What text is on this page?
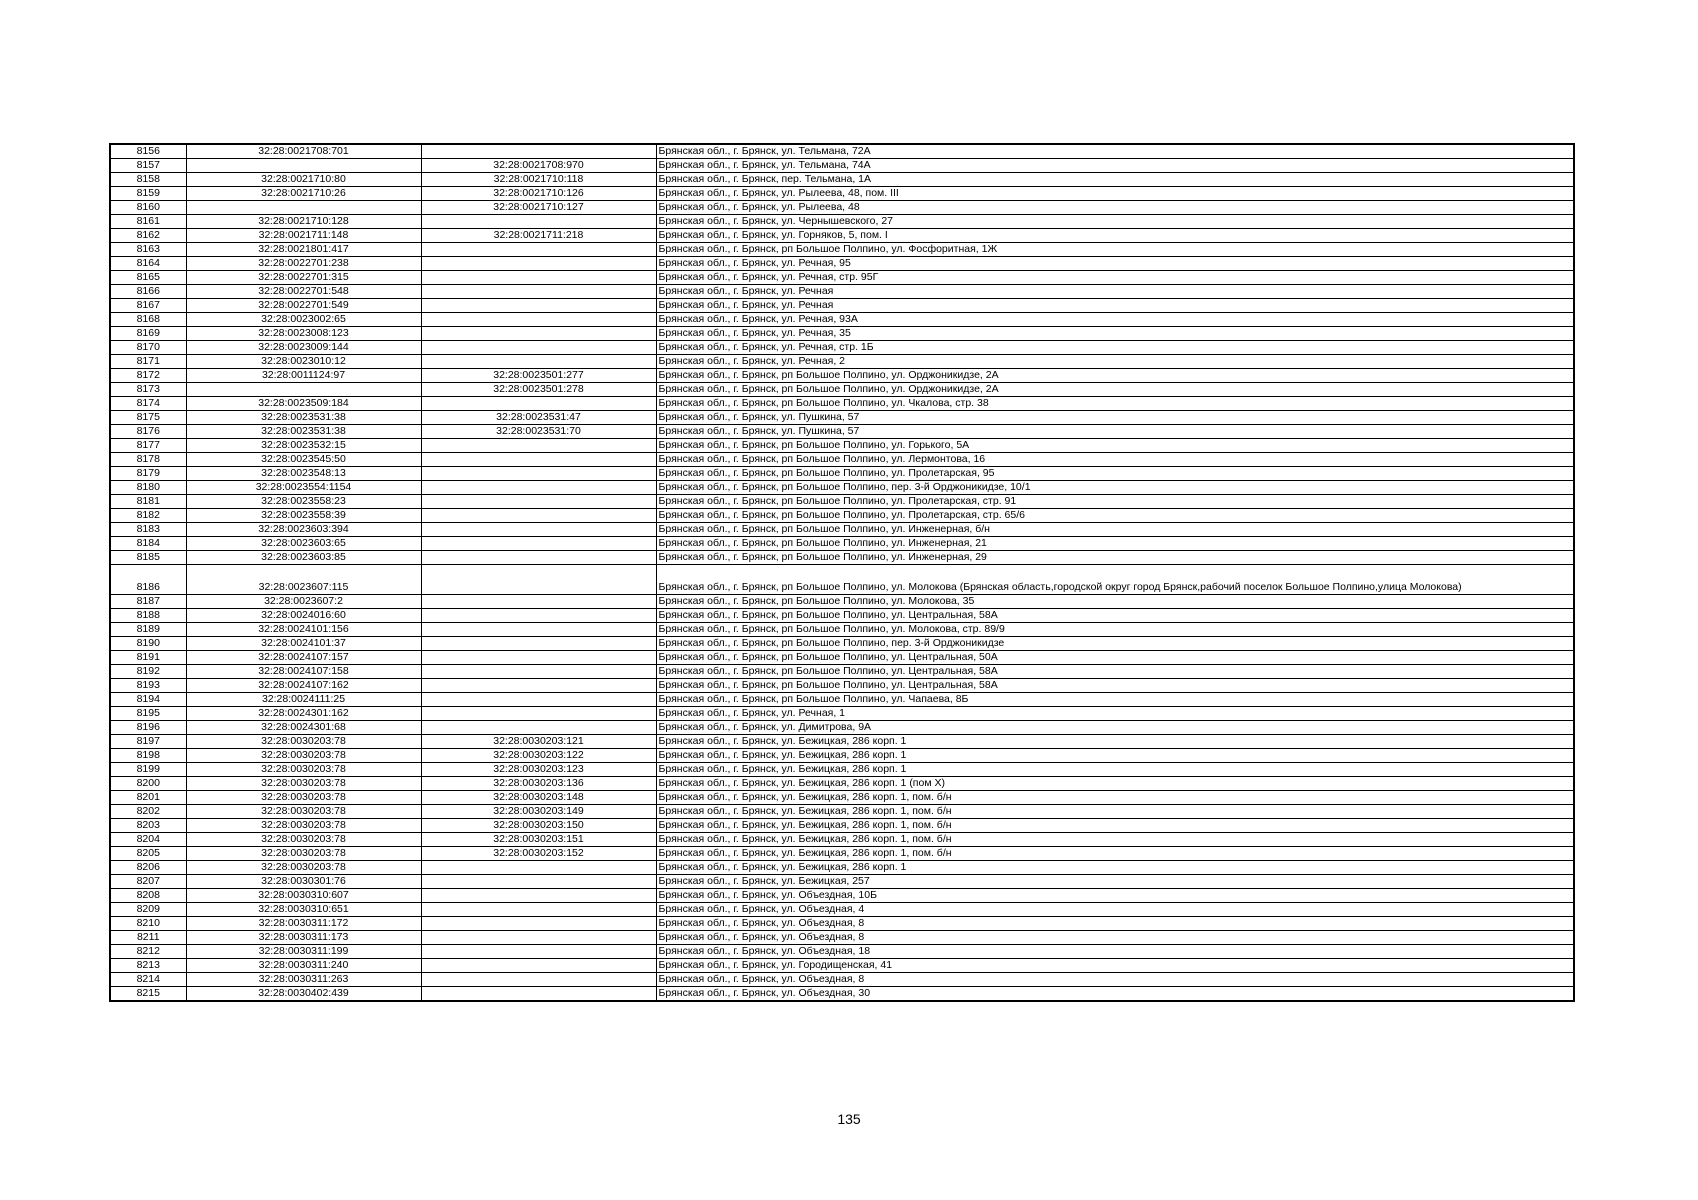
8156	32:28:0021708:701		Брянская обл., г. Брянск, ул. Тельмана, 72А
8157		32:28:0021708:970	Брянская обл., г. Брянск, ул. Тельмана, 74А
8158	32:28:0021710:80	32:28:0021710:118	Брянская обл., г. Брянск, пер. Тельмана, 1А
8159	32:28:0021710:26	32:28:0021710:126	Брянская обл., г. Брянск, ул. Рылеева, 48, пом. III
8160		32:28:0021710:127	Брянская обл., г. Брянск, ул. Рылеева, 48
8161	32:28:0021710:128		Брянская обл., г. Брянск, ул. Чернышевского, 27
8162	32:28:0021711:148	32:28:0021711:218	Брянская обл., г. Брянск, ул. Горняков, 5, пом. I
8163	32:28:0021801:417		Брянская обл., г. Брянск, рп Большое Полпино, ул. Фосфоритная, 1Ж
8164	32:28:0022701:238		Брянская обл., г. Брянск, ул. Речная, 95
8165	32:28:0022701:315		Брянская обл., г. Брянск, ул. Речная, стр. 95Г
8166	32:28:0022701:548		Брянская обл., г. Брянск, ул. Речная
8167	32:28:0022701:549		Брянская обл., г. Брянск, ул. Речная
8168	32:28:0023002:65		Брянская обл., г. Брянск, ул. Речная, 93А
8169	32:28:0023008:123		Брянская обл., г. Брянск, ул. Речная, 35
8170	32:28:0023009:144		Брянская обл., г. Брянск, ул. Речная, стр. 1Б
8171	32:28:0023010:12		Брянская обл., г. Брянск, ул. Речная, 2
8172	32:28:0011124:97	32:28:0023501:277	Брянская обл., г. Брянск, рп Большое Полпино, ул. Орджоникидзе, 2А
8173		32:28:0023501:278	Брянская обл., г. Брянск, рп Большое Полпино, ул. Орджоникидзе, 2А
8174	32:28:0023509:184		Брянская обл., г. Брянск, рп Большое Полпино, ул. Чкалова, стр. 38
8175	32:28:0023531:38	32:28:0023531:47	Брянская обл., г. Брянск, ул. Пушкина, 57
8176	32:28:0023531:38	32:28:0023531:70	Брянская обл., г. Брянск, ул. Пушкина, 57
8177	32:28:0023532:15		Брянская обл., г. Брянск, рп Большое Полпино, ул. Горького, 5А
8178	32:28:0023545:50		Брянская обл., г. Брянск, рп Большое Полпино, ул. Лермонтова, 16
8179	32:28:0023548:13		Брянская обл., г. Брянск, рп Большое Полпино, ул. Пролетарская, 95
8180	32:28:0023554:1154		Брянская обл., г. Брянск, рп Большое Полпино, пер. 3-й Орджоникидзе, 10/1
8181	32:28:0023558:23		Брянская обл., г. Брянск, рп Большое Полпино, ул. Пролетарская, стр. 91
8182	32:28:0023558:39		Брянская обл., г. Брянск, рп Большое Полпино, ул. Пролетарская, стр. 65/6
8183	32:28:0023603:394		Брянская обл., г. Брянск, рп Большое Полпино, ул. Инженерная, б/н
8184	32:28:0023603:65		Брянская обл., г. Брянск, рп Большое Полпино, ул. Инженерная, 21
8185	32:28:0023603:85		Брянская обл., г. Брянск, рп Большое Полпино, ул. Инженерная, 29
8186	32:28:0023607:115		Брянская обл., г. Брянск, рп Большое Полпино, ул. Молокова (Брянская область,городской округ город Брянск,рабочий поселок Большое Полпино,улица Молокова)
8187	32:28:0023607:2		Брянская обл., г. Брянск, рп Большое Полпино, ул. Молокова, 35
8188	32:28:0024016:60		Брянская обл., г. Брянск, рп Большое Полпино, ул. Центральная, 58А
8189	32:28:0024101:156		Брянская обл., г. Брянск, рп Большое Полпино, ул. Молокова, стр. 89/9
8190	32:28:0024101:37		Брянская обл., г. Брянск, рп Большое Полпино, пер. 3-й Орджоникидзе
8191	32:28:0024107:157		Брянская обл., г. Брянск, рп Большое Полпино, ул. Центральная, 50А
8192	32:28:0024107:158		Брянская обл., г. Брянск, рп Большое Полпино, ул. Центральная, 58А
8193	32:28:0024107:162		Брянская обл., г. Брянск, рп Большое Полпино, ул. Центральная, 58А
8194	32:28:0024111:25		Брянская обл., г. Брянск, рп Большое Полпино, ул. Чапаева, 8Б
8195	32:28:0024301:162		Брянская обл., г. Брянск, ул. Речная, 1
8196	32:28:0024301:68		Брянская обл., г. Брянск, ул. Димитрова, 9А
8197	32:28:0030203:78	32:28:0030203:121	Брянская обл., г. Брянск, ул. Бежицкая, 286 корп. 1
8198	32:28:0030203:78	32:28:0030203:122	Брянская обл., г. Брянск, ул. Бежицкая, 286 корп. 1
8199	32:28:0030203:78	32:28:0030203:123	Брянская обл., г. Брянск, ул. Бежицкая, 286 корп. 1
8200	32:28:0030203:78	32:28:0030203:136	Брянская обл., г. Брянск, ул. Бежицкая, 286 корп. 1 (пом X)
8201	32:28:0030203:78	32:28:0030203:148	Брянская обл., г. Брянск, ул. Бежицкая, 286 корп. 1, пом. б/н
8202	32:28:0030203:78	32:28:0030203:149	Брянская обл., г. Брянск, ул. Бежицкая, 286 корп. 1, пом. б/н
8203	32:28:0030203:78	32:28:0030203:150	Брянская обл., г. Брянск, ул. Бежицкая, 286 корп. 1, пом. б/н
8204	32:28:0030203:78	32:28:0030203:151	Брянская обл., г. Брянск, ул. Бежицкая, 286 корп. 1, пом. б/н
8205	32:28:0030203:78	32:28:0030203:152	Брянская обл., г. Брянск, ул. Бежицкая, 286 корп. 1, пом. б/н
8206	32:28:0030203:78		Брянская обл., г. Брянск, ул. Бежицкая, 286 корп. 1
8207	32:28:0030301:76		Брянская обл., г. Брянск, ул. Бежицкая, 257
8208	32:28:0030310:607		Брянская обл., г. Брянск, ул. Объездная, 10Б
8209	32:28:0030310:651		Брянская обл., г. Брянск, ул. Объездная, 4
8210	32:28:0030311:172		Брянская обл., г. Брянск, ул. Объездная, 8
8211	32:28:0030311:173		Брянская обл., г. Брянск, ул. Объездная, 8
8212	32:28:0030311:199		Брянская обл., г. Брянск, ул. Объездная, 18
8213	32:28:0030311:240		Брянская обл., г. Брянск, ул. Городищенская, 41
8214	32:28:0030311:263		Брянская обл., г. Брянск, ул. Объездная, 8
8215	32:28:0030402:439		Брянская обл., г. Брянск, ул. Объездная, 30
135
